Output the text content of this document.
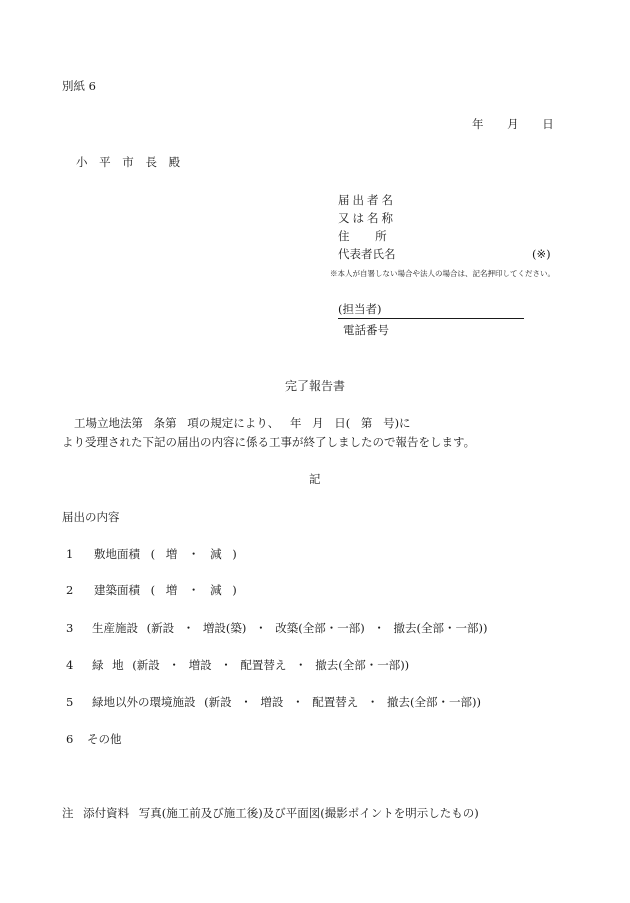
別紙 6
年 月 日
小 平 市 長 殿
届出者名
又は名称
住 所
代表者氏名	(※)
※本人が自署しない場合や法人の場合は、記名押印してください。
(担当者)
電話番号
完了報告書
工場立地法第 条第 項の規定により、 年 月 日( 第 号)に
より受理された下記の届出の内容に係る工事が終了しましたので報告をします。
記
届出の内容
1 敷地面積 ( 増 ・ 減 )
2 建築面積 ( 増 ・ 減 )
3 生産施設 (新設 ・ 増設(築) ・ 改築(全部・一部) ・ 撤去(全部・一部))
4 緑 地 (新設 ・ 増設 ・ 配置替え ・ 撤去(全部・一部))
5 緑地以外の環境施設 (新設 ・ 増設 ・ 配置替え ・ 撤去(全部・一部))
6 その他
注 添付資料 写真(施工前及び施工後)及び平面図(撮影ポイントを明示したもの)
